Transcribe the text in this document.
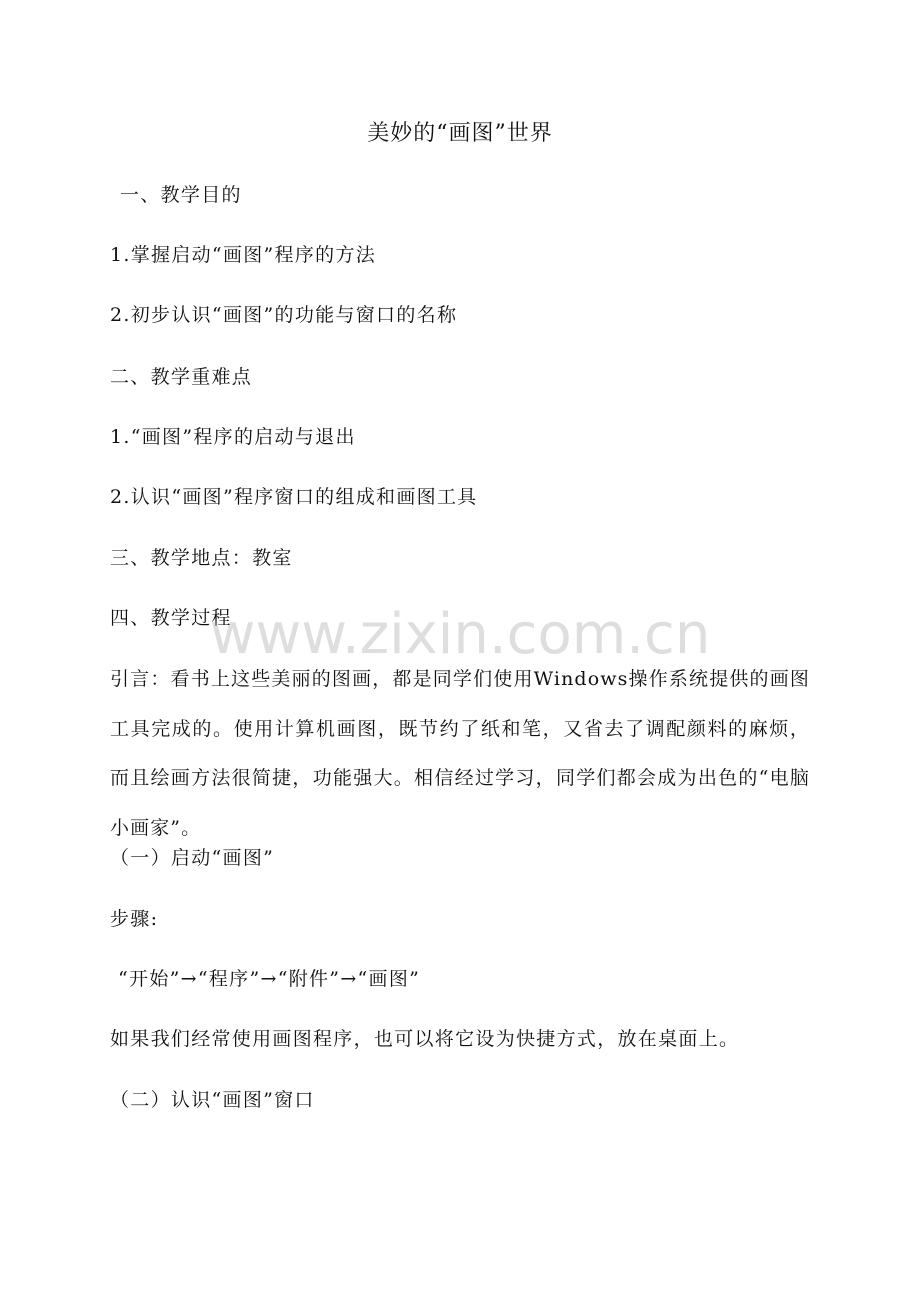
美妙的“画图”世界
一、教学目的
1.掌握启动“画图”程序的方法
2.初步认识“画图”的功能与窗口的名称
二、教学重难点
1.“画图”程序的启动与退出
2.认识“画图”程序窗口的组成和画图工具
三、教学地点：教室
四、教学过程
引言：看书上这些美丽的图画，都是同学们使用Windows操作系统提供的画图工具完成的。使用计算机画图，既节约了纸和笔，又省去了调配颜料的麻烦，而且绘画方法很简捷，功能强大。相信经过学习，同学们都会成为出色的“电脑小画家”。
（一）启动“画图”
步骤:
“开始”→“程序”→“附件”→“画图”
如果我们经常使用画图程序，也可以将它设为快捷方式，放在桌面上。
（二）认识“画图”窗口
www.zixin.com.cn
